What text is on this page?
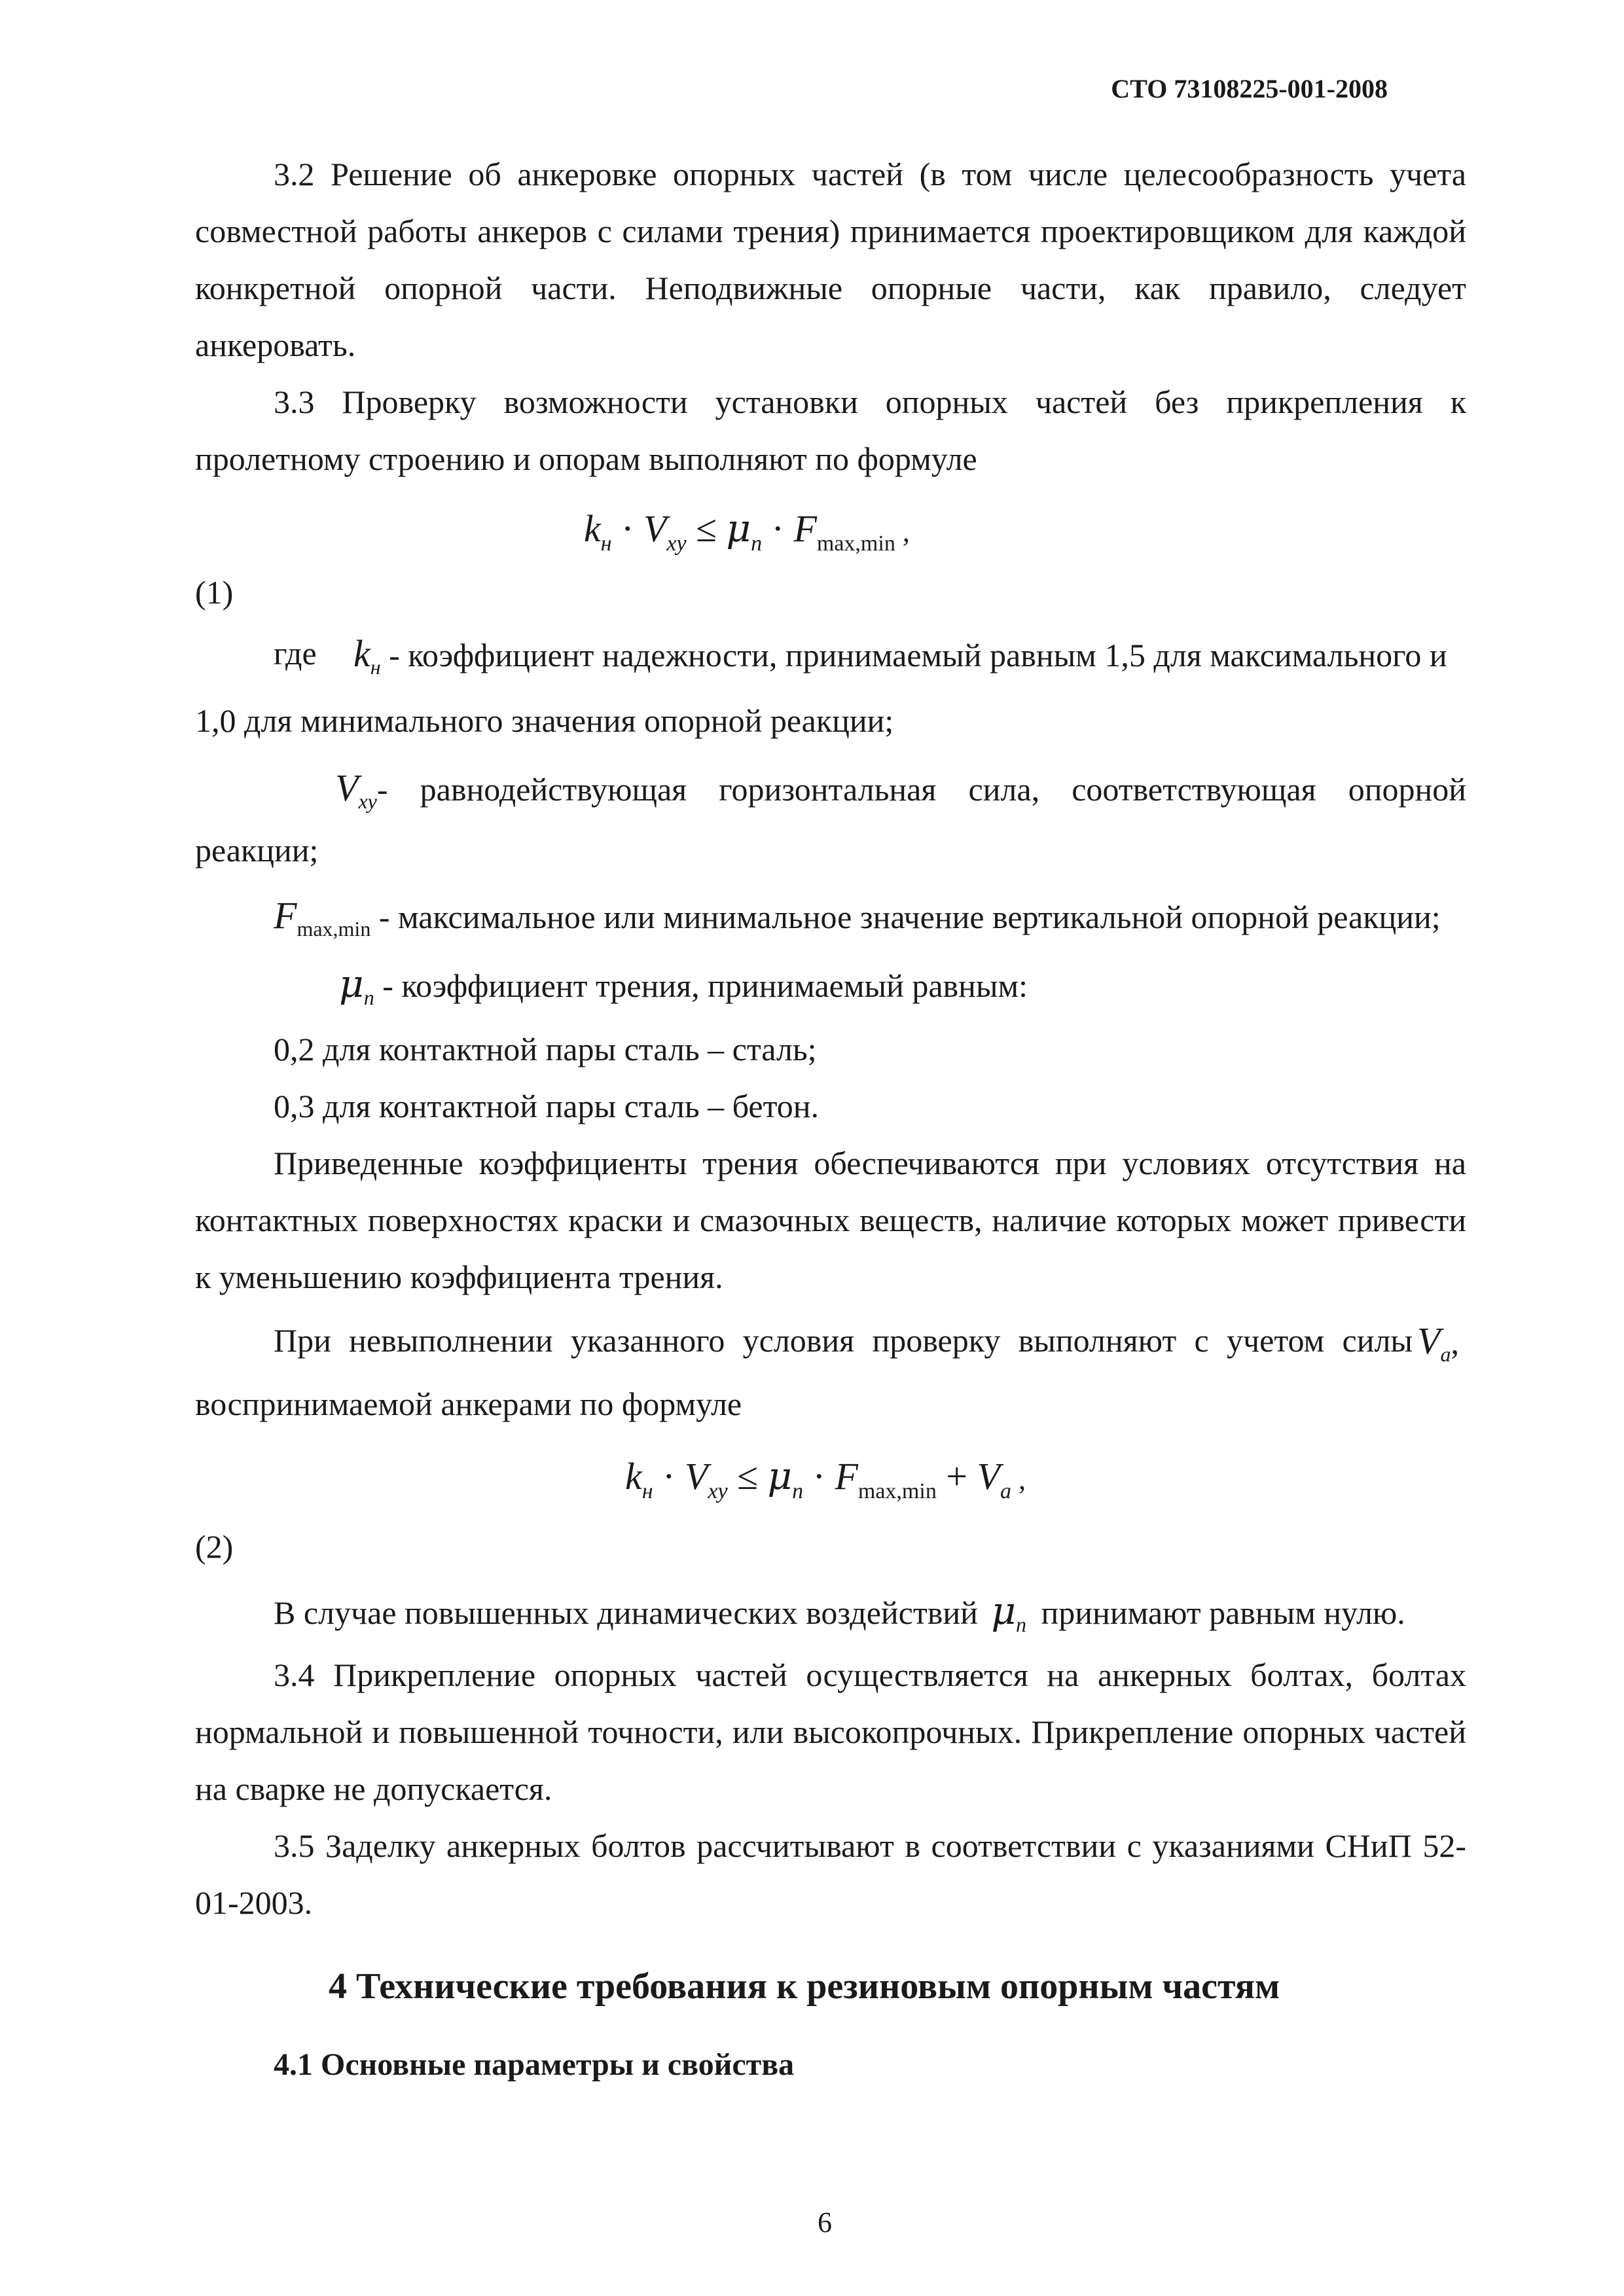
СТО 73108225-001-2008
3.2 Решение об анкеровке опорных частей (в том числе целесообразность учета
совместной работы анкеров с силами трения) принимается проектировщиком для каждой
конкретной опорной части. Неподвижные опорные части, как правило, следует
анкеровать.
3.3 Проверку возможности установки опорных частей без прикрепления к
пролетному строению и опорам выполняют по формуле
$k_н \cdot V_{xy} \le \mu_n \cdot F_{max,min}$ ,
(1)
где $k_н$ - коэффициент надежности, принимаемый равным 1,5 для максимального и
1,0 для минимального значения опорной реакции;
$V_{xy}-$ равнодействующая горизонтальная сила, соответствующая опорной
реакции;
$F_{max,min}$ - максимальное или минимальное значение вертикальной опорной реакции;
$\mu_n$ - коэффициент трения, принимаемый равным:
0,2 для контактной пары сталь – сталь;
0,3 для контактной пары сталь – бетон.
Приведенные коэффициенты трения обеспечиваются при условиях отсутствия на
контактных поверхностях краски и смазочных веществ, наличие которых может привести
к уменьшению коэффициента трения.
При невыполнении указанного условия проверку выполняют с учетом силы $V_a$,
воспринимаемой анкерами по формуле
$k_н \cdot V_{xy} \le \mu_n \cdot F_{max,min} + V_a$ ,
(2)
В случае повышенных динамических воздействий $\mu_n$ принимают равным нулю.
3.4 Прикрепление опорных частей осуществляется на анкерных болтах, болтах
нормальной и повышенной точности, или высокопрочных. Прикрепление опорных частей
на сварке не допускается.
3.5 Заделку анкерных болтов рассчитывают в соответствии с указаниями СНиП 52-
01-2003.
4 Технические требования к резиновым опорным частям
4.1 Основные параметры и свойства
6
